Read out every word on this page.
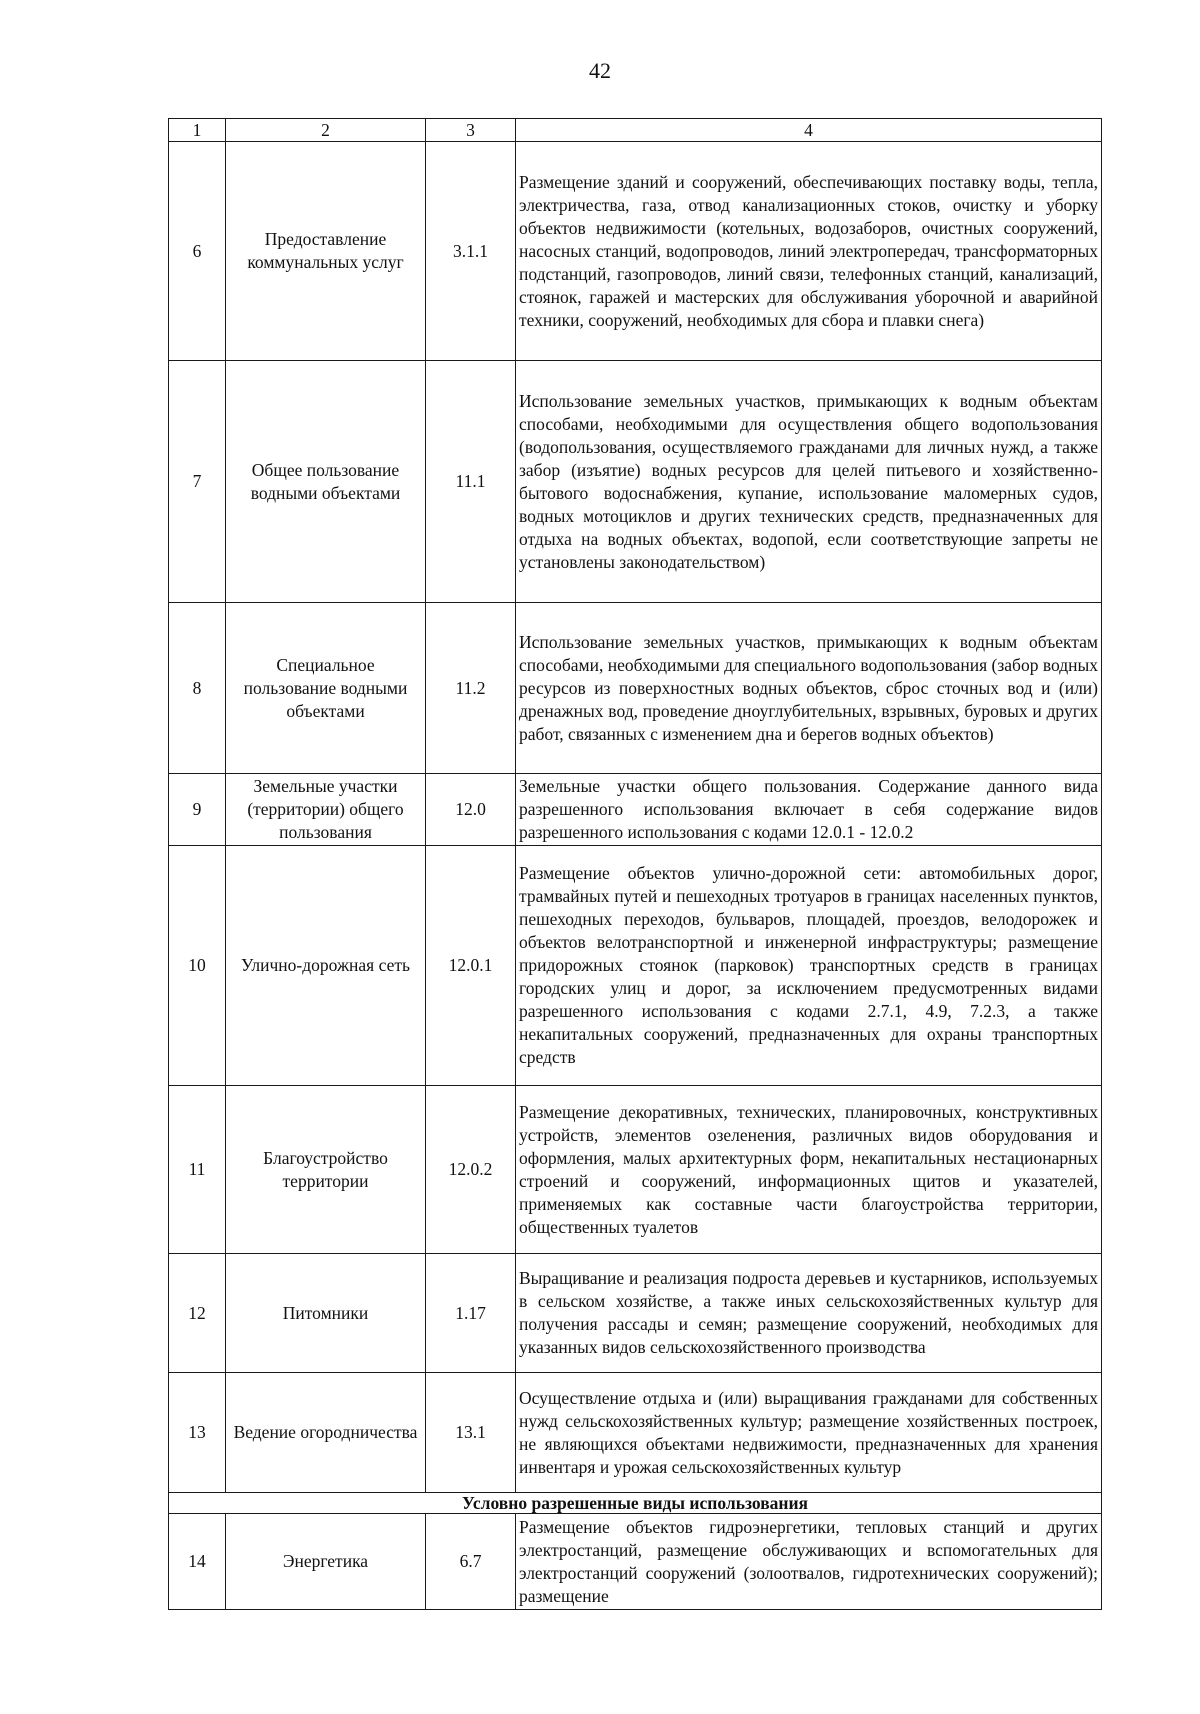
42
1	2	3	4
6	Предоставление коммунальных услуг	3.1.1	Размещение зданий и сооружений, обеспечивающих поставку воды, тепла, электричества, газа, отвод канализационных стоков, очистку и уборку объектов недвижимости (котельных, водозаборов, очистных сооружений, насосных станций, водопроводов, линий электропередач, трансформаторных подстанций, газопроводов, линий связи, телефонных станций, канализаций, стоянок, гаражей и мастерских для обслуживания уборочной и аварийной техники, сооружений, необходимых для сбора и плавки снега)
7	Общее пользование водными объектами	11.1	Использование земельных участков, примыкающих к водным объектам способами, необходимыми для осуществления общего водопользования (водопользования, осуществляемого гражданами для личных нужд, а также забор (изъятие) водных ресурсов для целей питьевого и хозяйственно-бытового водоснабжения, купание, использование маломерных судов, водных мотоциклов и других технических средств, предназначенных для отдыха на водных объектах, водопой, если соответствующие запреты не установлены законодательством)
8	Специальное пользование водными объектами	11.2	Использование земельных участков, примыкающих к водным объектам способами, необходимыми для специального водопользования (забор водных ресурсов из поверхностных водных объектов, сброс сточных вод и (или) дренажных вод, проведение дноуглубительных, взрывных, буровых и других работ, связанных с изменением дна и берегов водных объектов)
9	Земельные участки (территории) общего пользования	12.0	Земельные участки общего пользования. Содержание данного вида разрешенного использования включает в себя содержание видов разрешенного использования с кодами 12.0.1 - 12.0.2
10	Улично-дорожная сеть	12.0.1	Размещение объектов улично-дорожной сети: автомобильных дорог, трамвайных путей и пешеходных тротуаров в границах населенных пунктов, пешеходных переходов, бульваров, площадей, проездов, велодорожек и объектов велотранспортной и инженерной инфраструктуры; размещение придорожных стоянок (парковок) транспортных средств в границах городских улиц и дорог, за исключением предусмотренных видами разрешенного использования с кодами 2.7.1, 4.9, 7.2.3, а также некапитальных сооружений, предназначенных для охраны транспортных средств
11	Благоустройство территории	12.0.2	Размещение декоративных, технических, планировочных, конструктивных устройств, элементов озеленения, различных видов оборудования и оформления, малых архитектурных форм, некапитальных нестационарных строений и сооружений, информационных щитов и указателей, применяемых как составные части благоустройства территории, общественных туалетов
12	Питомники	1.17	Выращивание и реализация подроста деревьев и кустарников, используемых в сельском хозяйстве, а также иных сельскохозяйственных культур для получения рассады и семян; размещение сооружений, необходимых для указанных видов сельскохозяйственного производства
13	Ведение огородничества	13.1	Осуществление отдыха и (или) выращивания гражданами для собственных нужд сельскохозяйственных культур; размещение хозяйственных построек, не являющихся объектами недвижимости, предназначенных для хранения инвентаря и урожая сельскохозяйственных культур
Условно разрешенные виды использования			
14	Энергетика	6.7	Размещение объектов гидроэнергетики, тепловых станций и других электростанций, размещение обслуживающих и вспомогательных для электростанций сооружений (золоотвалов, гидротехнических сооружений); размещение
